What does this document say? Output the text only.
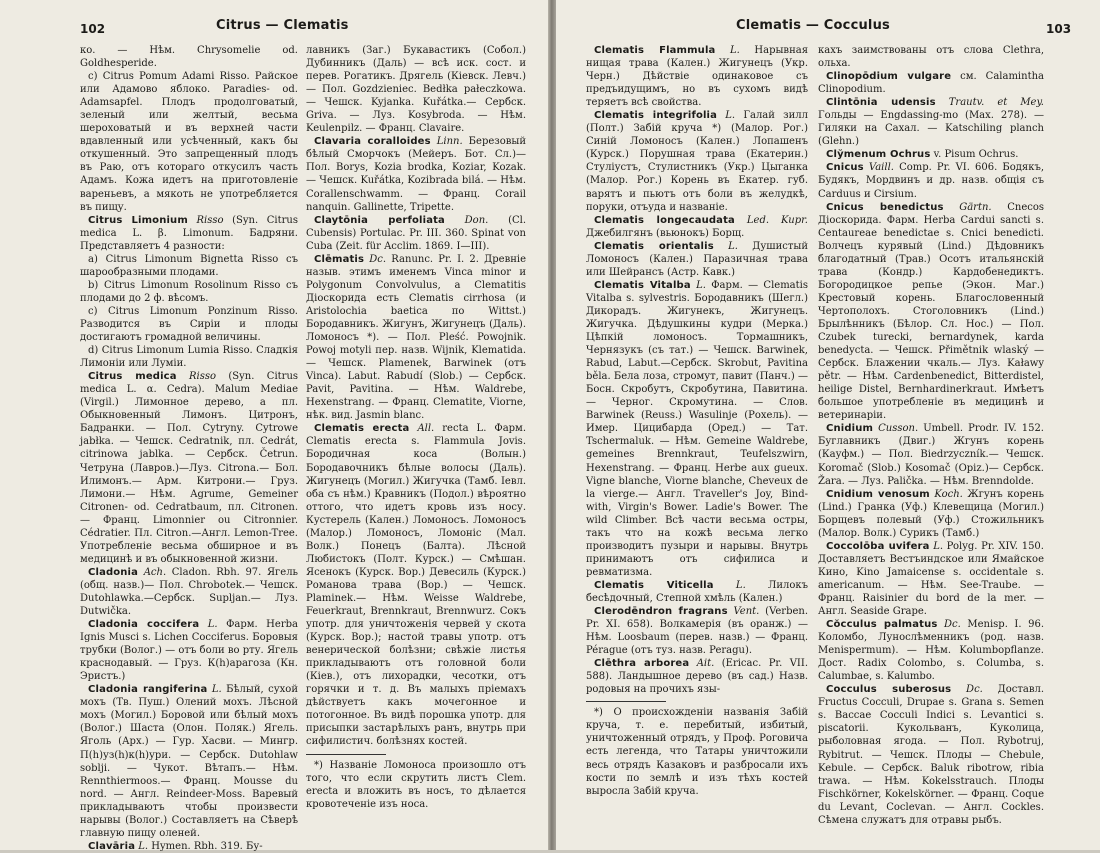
102	Citrus — Clematis

ко. — Нѣм. Chrysomelie od. Goldhesperide.

c) Citrus Pomum Adami Risso. Райское или Адамово яблоко. Paradies- od. Adamsapfel. Плодъ продолговатый, зеленый или желтый, весьма шероховатый и въ верхней части вдавленный или усѣченный, какъ бы откушенный. Это запрещенный плодъ въ Раю, отъ котораго откусилъ часть Адамъ. Кожа идетъ на приготовленіе вареньевъ, а мякоть не употребляется въ пищу.

Citrus Limonium Risso (Syn. Citrus medica L. β. Limonum. Бадряни. Представляетъ 4 разности:

a) Citrus Limonum Bignetta Risso съ шарообразными плодами.

b) Citrus Limonum Rosolinum Risso съ плодами до 2 ф. вѣсомъ.

c) Citrus Limonum Ponzinum Risso. Разводится въ Сиріи и плоды достигаютъ громадной величины.

d) Citrus Limonum Lumia Risso. Сладкія Лимоніи или Луміи.

Citrus medica Risso (Syn. Citrus medica L. α. Cedra). Malum Mediae (Virgil.) Лимонное дерево, а пл. Обыкновенный Лимонъ. Цитронъ, Бадранки. — Пол. Cytryny. Cytrowe jabłka. — Чешск. Cedratnik, пл. Cedrát, citrinowa jablka. — Сербск. Četrun. Четруна (Лавров.)—Луз. Citrona.— Бол. Илимонъ.— Арм. Китрони.— Груз. Лимони.— Нѣм. Agrume, Gemeiner Citronen- od. Cedratbaum, пл. Citronen. — Франц. Limonnier ou Citronnier. Cédratier. Пл. Citron.—Англ. Lemon-Tree. Употребленіе весьма обширное и въ медицинѣ и въ обыкновенной жизни.

Cladonia Ach. Cladon. Rbh. 97. Ягель (общ. назв.)— Пол. Chrobotek.— Чешск. Dutohlawka.—Сербск. Supljan.— Луз. Dutwička.

Cladonia coccifera L. Фарм. Herba Ignis Musci s. Lichen Cocciferus. Боровыя трубки (Волог.) — отъ боли во рту. Ягель краснодавый. — Груз. К(h)арагоза (Кн. Эристъ.)

Cladonia rangiferina L. Бѣлый, сухой мохъ (Тв. Пуш.) Олений мохъ. Лѣсной мохъ (Могил.) Боровой или бѣлый мохъ (Волог.) Шаста (Олон. Поляк.) Ягель. Яголь (Арх.) — Гур. Хасви. — Мингр. П(h)уз(h)к(h)ури. — Сербск. Dutohlaw soblji. — Чукот. Вѣтапъ.— Нѣм. Rennthiermoos.— Франц. Mousse du nord. — Англ. Reindeer-Moss. Варевый прикладываютъ чтобы произвести нарывы (Волог.) Составляетъ на Сѣверѣ главную пищу оленей.

Clavāria L. Hymen. Rbh. 319. Бу-

лавникъ (Заг.) Букавастикъ (Собол.) Дубинникъ (Даль) — всѣ иск. сост. и перев. Рогатикъ. Дрягель (Кіевск. Левч.) — Пол. Gozdzieniec. Bedłka pałeczkowa. — Чешск. Kyjanka. Kuřátka.— Сербск. Griva. — Луз. Kosybroda. — Нѣм. Keulenpilz. — Франц. Clavaire.

Clavaria coralloides Linn. Березовый бѣлый Сморчокъ (Мейеръ. Бот. Сл.)— Пол. Borуs, Kozia brodka, Koziar, Kozak. — Чешск. Kuřátka, Kozibrada bilá. — Нѣм. Corallenschwamm. — Франц. Corail nanquin. Gallinette, Tripette.

Claytōnia perfoliata Don. (Cl. Cubensis) Portulac. Pr. III. 360. Spinat von Cuba (Zeit. für Acclim. 1869. I—III).

Clēmatis Dc. Ranunc. Pr. I. 2. Древніе назыв. этимъ именемъ Vinca minor и Polygonum Convolvulus, а Clematitis Діоскорида есть Clematis cirrhosa (и Aristolochia baetica по Wittst.) Бородавникъ. Жигунъ, Жигунецъ (Даль). Ломоносъ *). — Пол. Pleść. Powojnik. Powoj motyli пер. назв. Wijnik, Klematida.— Чешск. Plamenek, Barwinek (отъ Vinca). Labut. Rabudí (Slob.) — Сербск. Pavit, Pavitina. — Нѣм. Waldrebe, Hexenstrang. — Франц. Clematite, Viorne, нѣк. вид. Jasmin blanc.

Clematis erecta All. recta L. Фарм. Clematis erecta s. Flammula Jovis. Бородичная коса (Волын.) Бородавочникъ бѣлые волосы (Даль). Жигунецъ (Могил.) Жигучка (Тамб. Iевл. оба съ нѣм.) Кравникъ (Подол.) вѣроятно оттого, что идетъ кровь изъ носу. Кустерель (Кален.) Ломоносъ. Ломоносъ (Малор.) Ломоносъ, Ломоніс (Мал. Волк.) Понецъ (Балта). Лѣсной Любистокъ (Полт. Курск.) — Смѣшан. Ясенокъ (Курск. Вор.) Девесиль (Курск.) Романова трава (Вор.) — Чешск. Plaminek.— Нѣм. Weisse Waldrebe, Feuerkraut, Brennkraut, Brennwurz. Сокъ употр. для уничтоженія червей у скота (Курск. Вор.); настой травы употр. отъ венерической болѣзни; свѣжіе листья прикладываютъ отъ головной боли (Кiев.), отъ лихорадки, чесотки, отъ горячки и т. д. Въ малыхъ пріемахъ дѣйствуетъ какъ мочегонное и потогонное. Въ видѣ порошка употр. для присыпки застарѣлыхъ ранъ, внутрь при сифилистич. болѣзнях костей.

*) Названіе Ломоноса произошло отъ того, что если скрутить листъ Clem. erecta и вложить въ носъ, то дѣлается кровотеченіе изъ носа.
103
Clematis — Cocculus

Clematis Flammula L. Нарывная нищая трава (Кален.) Жигунецъ (Укр. Черн.) Дѣйствіе одинаковое съ предъидущимъ, но въ сухомъ видѣ теряетъ всѣ свойства.

Clematis integrifolia L. Галай зилл (Полт.) Забій круча *) (Малор. Рог.) Синій Ломоносъ (Кален.) Лопашенъ (Курск.) Порушная трава (Екатерин.) Стуліустъ, Стулистникъ (Укр.) Цыганка (Малор. Рог.) Корень въ Екатер. губ. варятъ и пьютъ отъ боли въ желудкѣ, поруки, отъуда и названіе.

Clematis longecaudata Led. Kupr. Джебилгянъ (вьюнокъ) Борщ.

Clematis orientalis L. Душистый Ломоносъ (Кален.) Паразичная трава или Шейрансъ (Астр. Кавк.)

Clematis Vitalba L. Фарм. — Clematis Vitalba s. sylvestris. Бородавникъ (Шегл.) Дикорадъ. Жигунекъ, Жигунецъ. Жигучка. Дѣдушкины кудри (Мерка.) Цѣпкій ломоносъ. Тормашникъ, Чернязукъ (съ тат.) — Чешск. Barwinek, Rabud, Labut.—Сербск. Skrobut, Pavitina běla. Бела лоза, стромут, павит (Панч.) — Босн. Скробутъ, Скробутина, Павитина. — Черног. Скромутина. — Слов. Barwinek (Reuss.) Wasulinje (Рохель). — Имер. Цицибарда (Оред.) — Тат. Tschermaluk. — Нѣм. Gemeine Waldrebe, gemeines Brennkraut, Teufelszwirn, Hexenstrang. — Франц. Herbe aux gueux. Vigne blanche, Viorne blanche, Cheveux de la vierge.— Англ. Traveller's Joy, Bind-with, Virgin's Bower. Ladie's Bower. The wild Climber. Всѣ части весьма остры, такъ что на кожѣ весьма легко производитъ пузыри и нарывы. Внутрь принимаютъ отъ сифилиса и ревматизма.

Clematis Viticella L. Лилокъ бесѣдочный, Степной хмѣль (Кален.)

Clerodēndron fragrans Vent. (Verben. Pr. XI. 658). Волкамерія (въ оранж.) — Нѣм. Loosbaum (перев. назв.) — Франц. Péraguе (отъ туз. назв. Peragu).

Clēthra arborea Ait. (Ericac. Pr. VII. 588). Ландышное дерево (въ сад.) Назв. родовыя на прочихъ язы-

*) О происхожденіи названія Забій круча, т. е. перебитый, избитый, уничтоженный отрядъ, у Проф. Роговича есть легенда, что Татары уничтожили весь отрядъ Казаковъ и разбросали ихъ кости по землѣ и изъ тѣхъ костей выросла Забій круча.

кахъ заимствованы отъ слова Clethra, ольха.

Clinopōdium vulgare см. Calamintha Clinopodium.

Clintōnia udensis Trautv. et Mey. Гольды — Engdassing-mo (Max. 278). — Гиляки на Сахал. — Katschiling planch (Glehn.)

Clўmenum Ochrus v. Pisum Ochrus.

Cnicus Vaill. Comp. Pr. VI. 606. Бодякъ, Будякъ, Мордвинъ и др. назв. общія съ Carduus и Cirsium.

Cnicus benedictus Gärtn. Cnecos Діоскорида. Фарм. Herba Cardui sancti s. Centaureae benedictae s. Cnici benedicti. Волчецъ курявый (Lind.) Дѣдовникъ благодатный (Трав.) Осотъ итальянскій трава (Кондр.) Кардобенедиктъ. Богородицкое репье (Экон. Маг.) Крестовый корень. Благословенный Чертополохъ. Стоголовникъ (Lind.) Брылѣнникъ (Бѣлор. Сл. Нос.) — Пол. Czubek turecki, bernardynek, karda benedycta. — Чешск. Přimětnik wlaský — Сербск. Блажении чкаль.— Луз. Kaławy pětr. — Нѣм. Cardenbenedict, Bitterdistel, heilige Distel, Bernhardinerkraut. Имѣетъ большое употребленіе въ медицинѣ и ветеринаріи.

Cnidium Cusson. Umbell. Prodr. IV. 152. Буглавникъ (Двиг.) Жгунъ корень (Кауфм.) — Пол. Biedrzyczník.— Чешск. Koromač (Slob.) Kosomač (Opiz.)— Сербск. Žara. — Луз. Palička. — Нѣм. Brenndolde.

Cnidium venosum Koch. Жгунъ корень (Lind.) Гранка (Уф.) Клевещица (Могил.) Борщевъ полевый (Уф.) Стожильникъ (Малор. Волк.) Сурикъ (Тамб.)

Coccolōba uvifera L. Polyg. Pr. XIV. 150. Доставляетъ Вестъиндское или Ямайское Кино, Kino Jamaicense s. occidentale s. americanum. — Нѣм. See-Traube. — Франц. Raisinier du bord de la mer. — Англ. Seaside Grape.

Cŏcculus palmatus Dc. Menisp. I. 96. Коломбо, Лунослѣменникъ (род. назв. Menispermum). — Нѣм. Kolumbopflanze. Дост. Radix Colombo, s. Columba, s. Calumbae, s. Kalumbo.

Cocculus suberosus Dc. Доставл. Fructus Cocculi, Drupae s. Grana s. Semen s. Baccae Cocculi Indici s. Levantici s. piscatorii. Кукольванъ, Куколица, рыболовная ягода. — Пол. Rybotruj, Rybitrut. — Чешск. Плоды — Chebule, Kebule. — Сербск. Baluk ribotrow, ribia trawa. — Нѣм. Kokelsstrauch. Плоды Fischkörner, Kokelskörner. — Франц. Coque du Levant, Coclevan. — Англ. Cockles. Сѣмена служатъ для отравы рыбъ.
